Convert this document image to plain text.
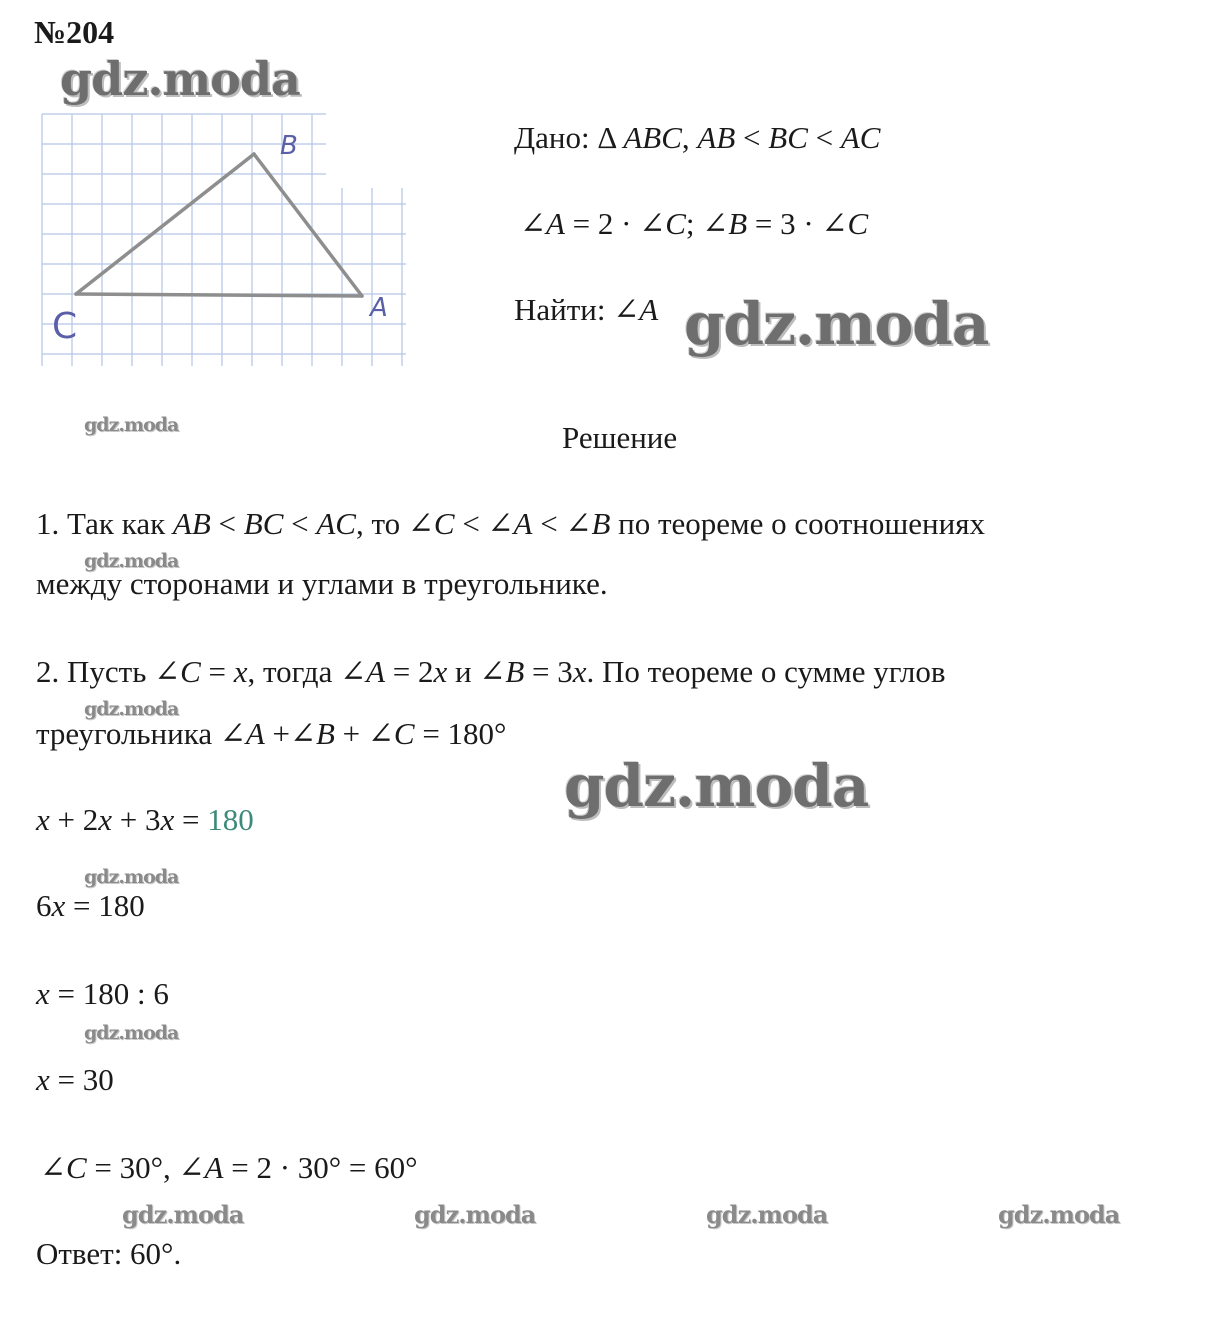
№204
B
C	A
Дано: Δ ABC, AB < BC < AC
∠A = 2 · ∠C; ∠B = 3 · ∠C
Найти: ∠A
Решение
1. Так как AB < BC < AC, то ∠C < ∠A < ∠B по теореме о соотношениях
между сторонами и углами в треугольнике.
2. Пусть ∠C = x, тогда ∠A = 2x и ∠B = 3x. По теореме о сумме углов
треугольника ∠A +∠B + ∠C = 180°
x + 2x + 3x = 180
6x = 180
x = 180 : 6
x = 30
∠C = 30°, ∠A = 2 · 30° = 60°
Ответ: 60°.
gdz.moda
gdz.moda
gdz.moda
gdz.moda
gdz.moda
gdz.moda
gdz.moda
gdz.moda
gdz.moda	gdz.moda	gdz.moda	gdz.moda
